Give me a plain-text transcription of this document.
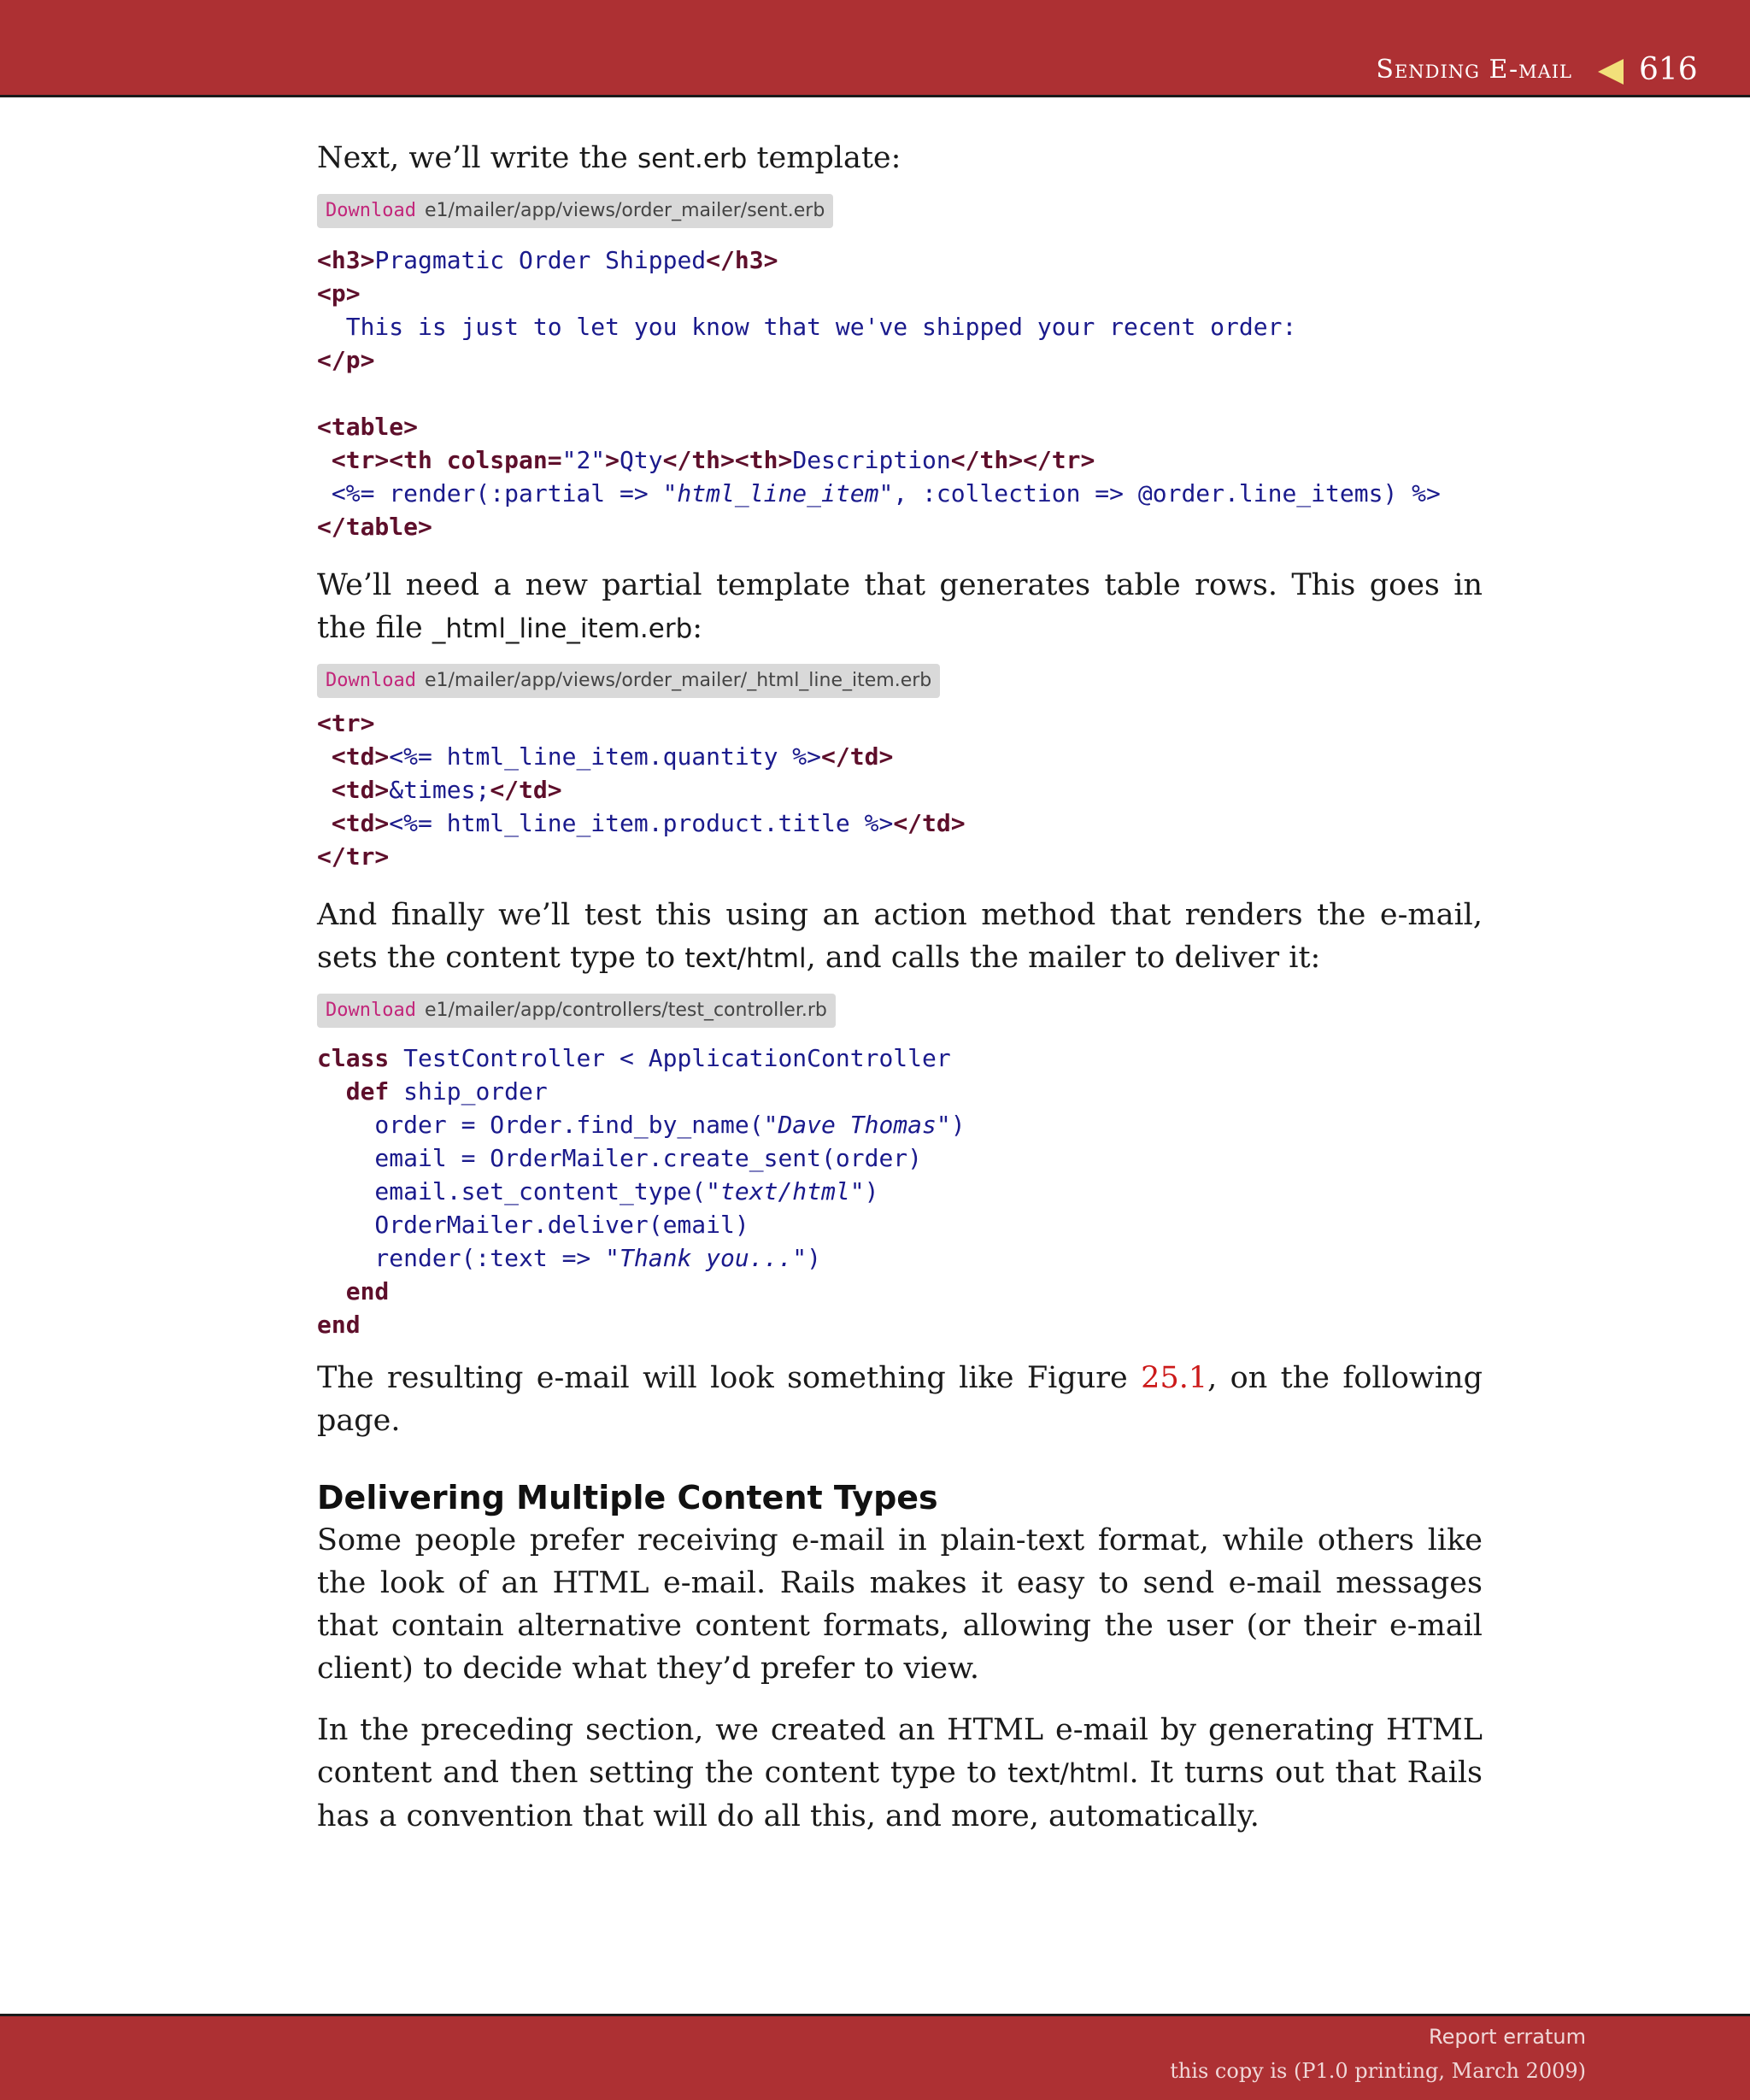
Sending E-mail 616

Next, we’ll write the sent.erb template:

Download e1/mailer/app/views/order_mailer/sent.erb
<h3>Pragmatic Order Shipped</h3>
<p>
This is just to let you know that we've shipped your recent order:
</p>

<table>
<tr><th colspan="2">Qty</th><th>Description</th></tr>
<%= render(:partial => "html_line_item", :collection => @order.line_items) %>
</table>

We’ll need a new partial template that generates table rows. This goes in the file _html_line_item.erb:

Download e1/mailer/app/views/order_mailer/_html_line_item.erb
<tr>
<td><%= html_line_item.quantity %></td>
<td>&times;</td>
<td><%= html_line_item.product.title %></td>
</tr>

And finally we’ll test this using an action method that renders the e-mail, sets the content type to text/html, and calls the mailer to deliver it:

Download e1/mailer/app/controllers/test_controller.rb
class TestController < ApplicationController
def ship_order
order = Order.find_by_name("Dave Thomas")
email = OrderMailer.create_sent(order)
email.set_content_type("text/html")
OrderMailer.deliver(email)
render(:text => "Thank you...")
end
end

The resulting e-mail will look something like Figure 25.1, on the following page.

Delivering Multiple Content Types

Some people prefer receiving e-mail in plain-text format, while others like the look of an HTML e-mail. Rails makes it easy to send e-mail messages that contain alternative content formats, allowing the user (or their e-mail client) to decide what they’d prefer to view.

In the preceding section, we created an HTML e-mail by generating HTML content and then setting the content type to text/html. It turns out that Rails has a convention that will do all this, and more, automatically.

Report erratum
this copy is (P1.0 printing, March 2009)
